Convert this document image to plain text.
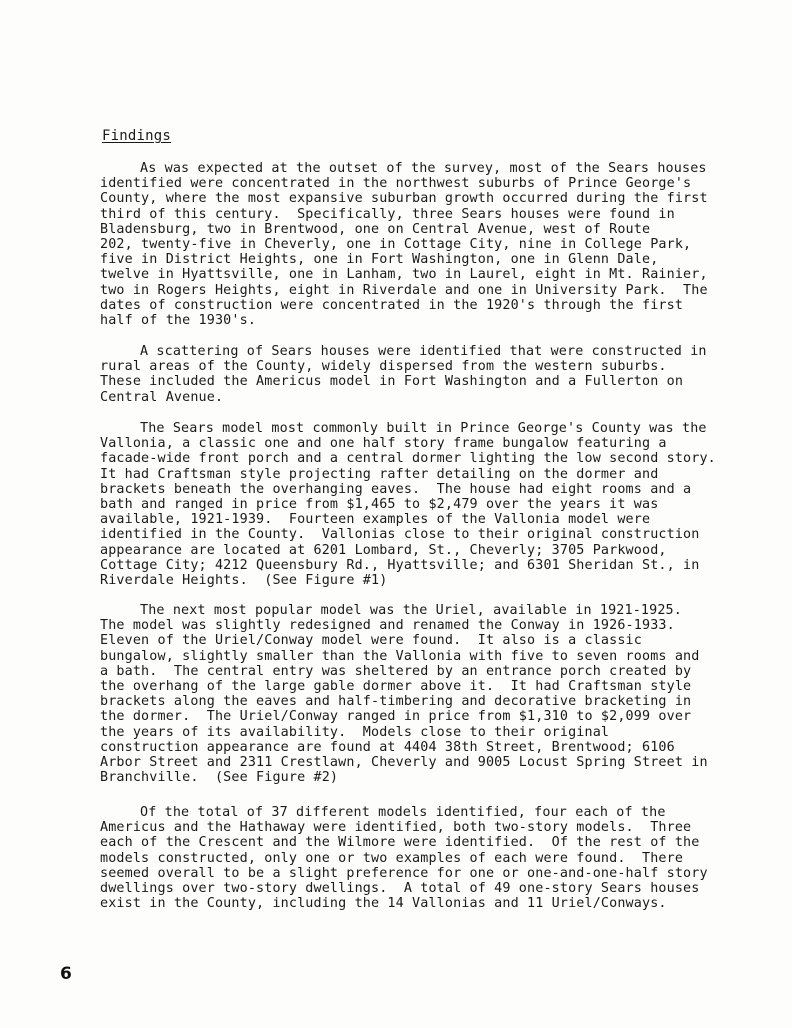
Findings
As was expected at the outset of the survey, most of the Sears houses
identified were concentrated in the northwest suburbs of Prince George's
County, where the most expansive suburban growth occurred during the first
third of this century.  Specifically, three Sears houses were found in
Bladensburg, two in Brentwood, one on Central Avenue, west of Route
202, twenty-five in Cheverly, one in Cottage City, nine in College Park,
five in District Heights, one in Fort Washington, one in Glenn Dale,
twelve in Hyattsville, one in Lanham, two in Laurel, eight in Mt. Rainier,
two in Rogers Heights, eight in Riverdale and one in University Park.  The
dates of construction were concentrated in the 1920's through the first
half of the 1930's.
A scattering of Sears houses were identified that were constructed in
rural areas of the County, widely dispersed from the western suburbs.
These included the Americus model in Fort Washington and a Fullerton on
Central Avenue.
The Sears model most commonly built in Prince George's County was the
Vallonia, a classic one and one half story frame bungalow featuring a
facade-wide front porch and a central dormer lighting the low second story.
It had Craftsman style projecting rafter detailing on the dormer and
brackets beneath the overhanging eaves.  The house had eight rooms and a
bath and ranged in price from $1,465 to $2,479 over the years it was
available, 1921-1939.  Fourteen examples of the Vallonia model were
identified in the County.  Vallonias close to their original construction
appearance are located at 6201 Lombard, St., Cheverly; 3705 Parkwood,
Cottage City; 4212 Queensbury Rd., Hyattsville; and 6301 Sheridan St., in
Riverdale Heights.  (See Figure #1)
The next most popular model was the Uriel, available in 1921-1925.
The model was slightly redesigned and renamed the Conway in 1926-1933.
Eleven of the Uriel/Conway model were found.  It also is a classic
bungalow, slightly smaller than the Vallonia with five to seven rooms and
a bath.  The central entry was sheltered by an entrance porch created by
the overhang of the large gable dormer above it.  It had Craftsman style
brackets along the eaves and half-timbering and decorative bracketing in
the dormer.  The Uriel/Conway ranged in price from $1,310 to $2,099 over
the years of its availability.  Models close to their original
construction appearance are found at 4404 38th Street, Brentwood; 6106
Arbor Street and 2311 Crestlawn, Cheverly and 9005 Locust Spring Street in
Branchville.  (See Figure #2)
Of the total of 37 different models identified, four each of the
Americus and the Hathaway were identified, both two-story models.  Three
each of the Crescent and the Wilmore were identified.  Of the rest of the
models constructed, only one or two examples of each were found.  There
seemed overall to be a slight preference for one or one-and-one-half story
dwellings over two-story dwellings.  A total of 49 one-story Sears houses
exist in the County, including the 14 Vallonias and 11 Uriel/Conways.
6
